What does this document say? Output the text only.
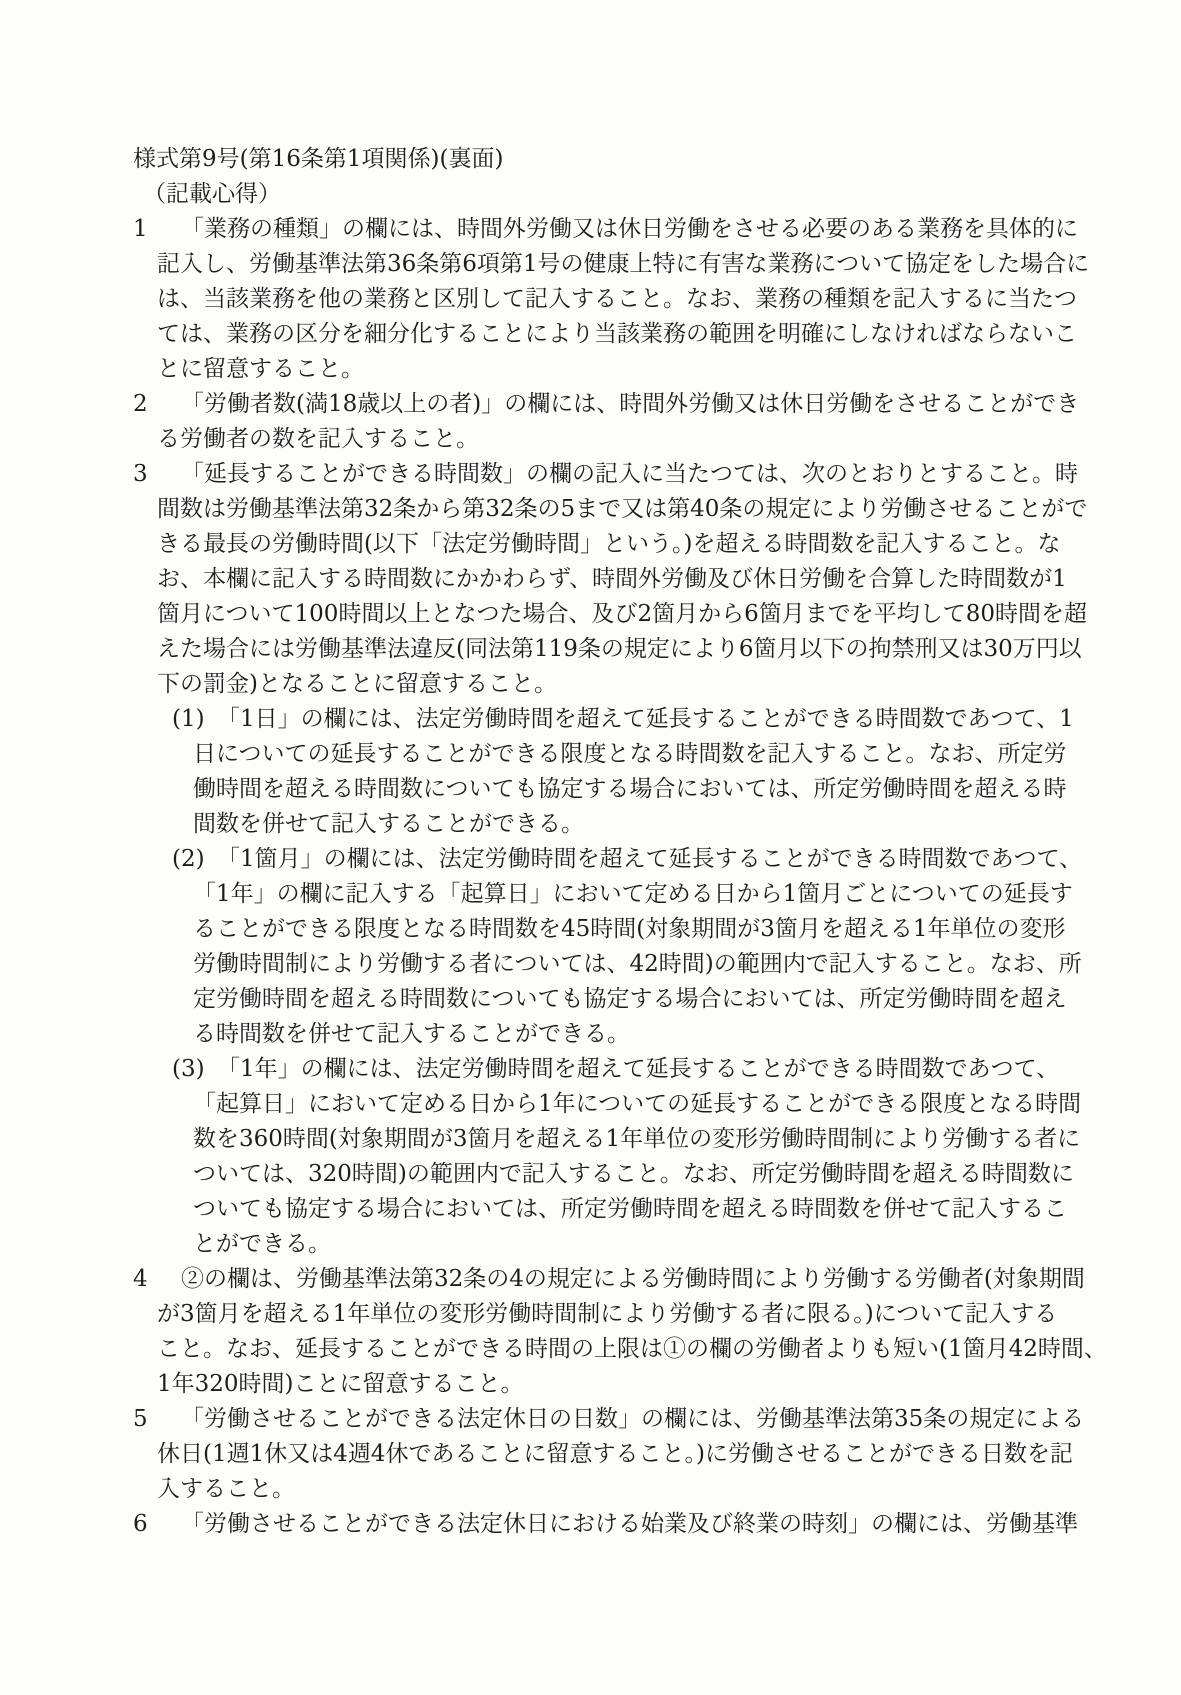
様式第9号(第16条第1項関係)(裏面)
（記載心得）
1	「業務の種類」の欄には、時間外労働又は休日労働をさせる必要のある業務を具体的に
記入し、労働基準法第36条第6項第1号の健康上特に有害な業務について協定をした場合に
は、当該業務を他の業務と区別して記入すること。なお、業務の種類を記入するに当たつ
ては、業務の区分を細分化することにより当該業務の範囲を明確にしなければならないこ
とに留意すること。
2	「労働者数(満18歳以上の者)」の欄には、時間外労働又は休日労働をさせることができ
る労働者の数を記入すること。
3	「延長することができる時間数」の欄の記入に当たつては、次のとおりとすること。時
間数は労働基準法第32条から第32条の5まで又は第40条の規定により労働させることがで
きる最長の労働時間(以下「法定労働時間」という。)を超える時間数を記入すること。な
お、本欄に記入する時間数にかかわらず、時間外労働及び休日労働を合算した時間数が1
箇月について100時間以上となつた場合、及び2箇月から6箇月までを平均して80時間を超
えた場合には労働基準法違反(同法第119条の規定により6箇月以下の拘禁刑又は30万円以
下の罰金)となることに留意すること。
(1) 「1日」の欄には、法定労働時間を超えて延長することができる時間数であつて、1
日についての延長することができる限度となる時間数を記入すること。なお、所定労
働時間を超える時間数についても協定する場合においては、所定労働時間を超える時
間数を併せて記入することができる。
(2) 「1箇月」の欄には、法定労働時間を超えて延長することができる時間数であつて、
「1年」の欄に記入する「起算日」において定める日から1箇月ごとについての延長す
ることができる限度となる時間数を45時間(対象期間が3箇月を超える1年単位の変形
労働時間制により労働する者については、42時間)の範囲内で記入すること。なお、所
定労働時間を超える時間数についても協定する場合においては、所定労働時間を超え
る時間数を併せて記入することができる。
(3) 「1年」の欄には、法定労働時間を超えて延長することができる時間数であつて、
「起算日」において定める日から1年についての延長することができる限度となる時間
数を360時間(対象期間が3箇月を超える1年単位の変形労働時間制により労働する者に
ついては、320時間)の範囲内で記入すること。なお、所定労働時間を超える時間数に
ついても協定する場合においては、所定労働時間を超える時間数を併せて記入するこ
とができる。
4	②の欄は、労働基準法第32条の4の規定による労働時間により労働する労働者(対象期間
が3箇月を超える1年単位の変形労働時間制により労働する者に限る。)について記入する
こと。なお、延長することができる時間の上限は①の欄の労働者よりも短い(1箇月42時間、
1年320時間)ことに留意すること。
5	「労働させることができる法定休日の日数」の欄には、労働基準法第35条の規定による
休日(1週1休又は4週4休であることに留意すること。)に労働させることができる日数を記
入すること。
6	「労働させることができる法定休日における始業及び終業の時刻」の欄には、労働基準
